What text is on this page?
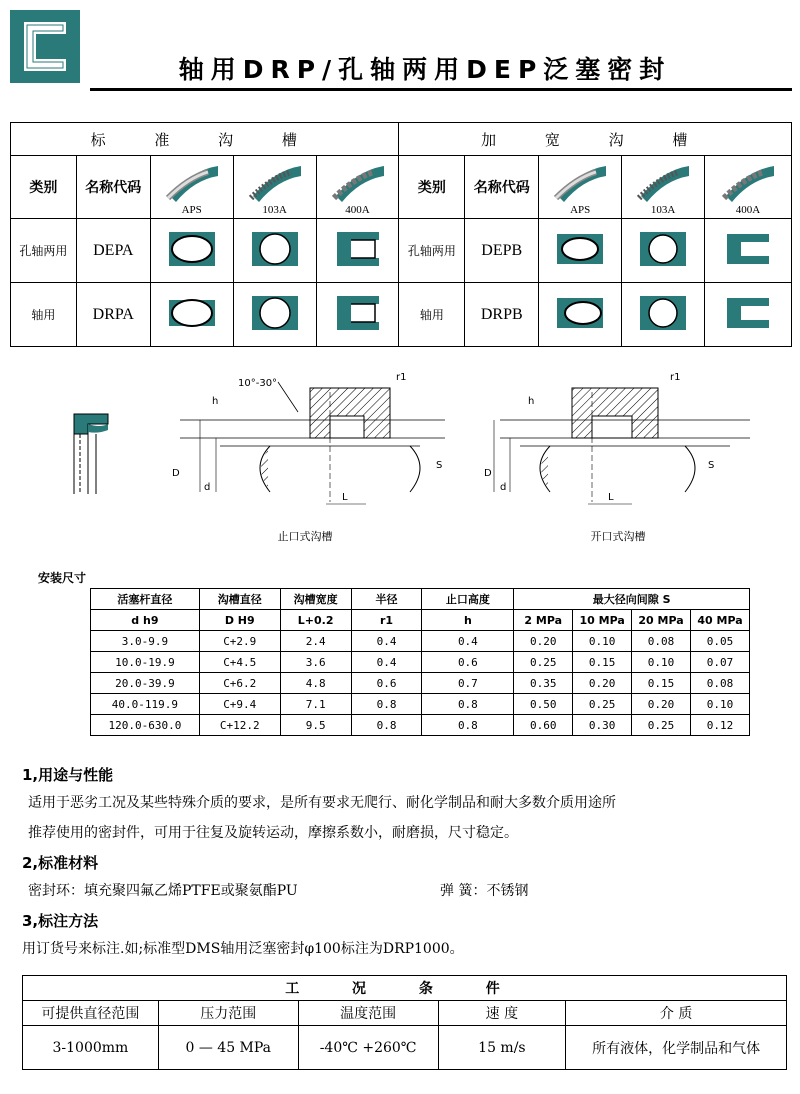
轴用DRP/孔轴两用DEP泛塞密封
标 准 沟 槽					加 宽 沟 槽				
类别	名称代码	APS	103A	400A	类别	名称代码	APS	103A	400A

孔轴两用	DEPA				孔轴两用	DEPB			
轴用	DRPA				轴用	DRPB			
10°-30°
h
r1
D
d
S
L
止口式沟槽
h
r1
D
d
S
L
开口式沟槽
安装尺寸
活塞杆直径	沟槽直径	沟槽宽度	半径	止口高度	最大径向间隙 S			
d h9	D H9	L+0.2	r1	h	2 MPa	10 MPa	20 MPa	40 MPa
3.0-9.9	C+2.9	2.4	0.4	0.4	0.20	0.10	0.08	0.05
10.0-19.9	C+4.5	3.6	0.4	0.6	0.25	0.15	0.10	0.07
20.0-39.9	C+6.2	4.8	0.6	0.7	0.35	0.20	0.15	0.08
40.0-119.9	C+9.4	7.1	0.8	0.8	0.50	0.25	0.20	0.10
120.0-630.0	C+12.2	9.5	0.8	0.8	0.60	0.30	0.25	0.12
1,用途与性能
适用于恶劣工况及某些特殊介质的要求，是所有要求无爬行、耐化学制品和耐大多数介质用途所
推荐使用的密封件，可用于往复及旋转运动，摩擦系数小，耐磨损，尺寸稳定。
2,标准材料
密封环：填充聚四氟乙烯PTFE或聚氨酯PU	弹 簧：不锈钢
3,标注方法
用订货号来标注.如;标准型DMS轴用泛塞密封φ100标注为DRP1000。
工 况 条 件				
可提供直径范围	压力范围	温度范围	速 度	介 质
3-1000mm	0 — 45 MPa	-40℃ +260℃	15 m/s	所有液体，化学制品和气体
